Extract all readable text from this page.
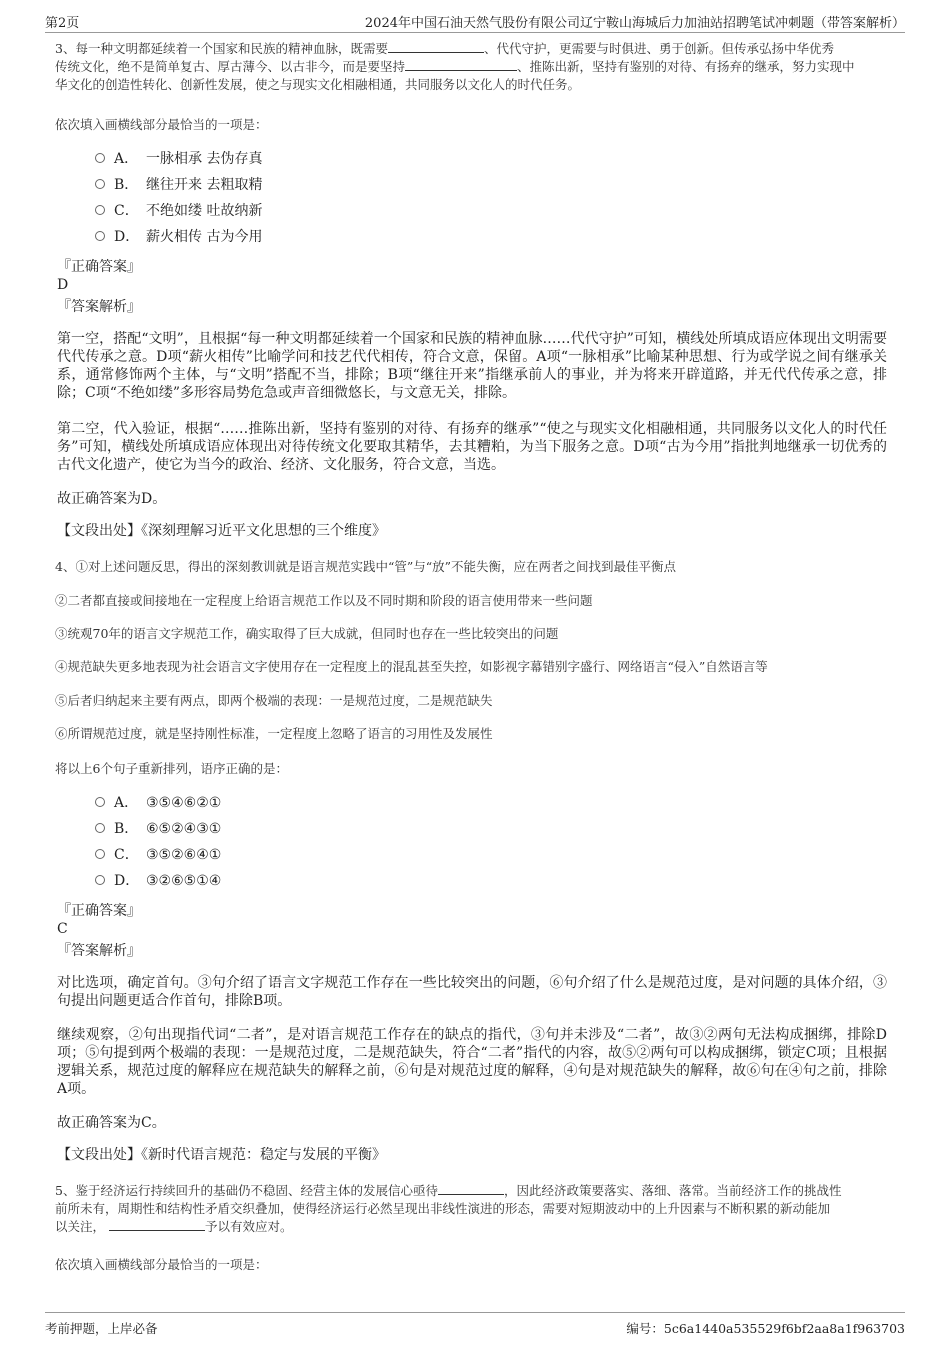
第2页	2024年中国石油天然气股份有限公司辽宁鞍山海城后力加油站招聘笔试冲刺题（带答案解析）
3、每一种文明都延续着一个国家和民族的精神血脉，既需要	、代代守护，更需要与时俱进、勇于创新。但传承弘扬中华优秀
传统文化，绝不是简单复古、厚古薄今、以古非今，而是要坚持	、推陈出新，坚持有鉴别的对待、有扬弃的继承，努力实现中
华文化的创造性转化、创新性发展，使之与现实文化相融相通，共同服务以文化人的时代任务。
依次填入画横线部分最恰当的一项是：
A． 一脉相承 去伪存真
B． 继往开来 去粗取精
C． 不绝如缕 吐故纳新
D． 薪火相传 古为今用
『正确答案』
D
『答案解析』
第一空，搭配“文明”，且根据“每一种文明都延续着一个国家和民族的精神血脉……代代守护”可知，横线处所填成语应体现出文明需要代代传承之意。D项“薪火相传”比喻学问和技艺代代相传，符合文意，保留。A项“一脉相承”比喻某种思想、行为或学说之间有继承关系，通常修饰两个主体，与“文明”搭配不当，排除；B项“继往开来”指继承前人的事业，并为将来开辟道路，并无代代传承之意，排除；C项“不绝如缕”多形容局势危急或声音细微悠长，与文意无关，排除。
第二空，代入验证，根据“……推陈出新，坚持有鉴别的对待、有扬弃的继承”“使之与现实文化相融相通，共同服务以文化人的时代任务”可知，横线处所填成语应体现出对待传统文化要取其精华，去其糟粕，为当下服务之意。D项“古为今用”指批判地继承一切优秀的古代文化遗产，使它为当今的政治、经济、文化服务，符合文意，当选。
故正确答案为D。
【文段出处】《深刻理解习近平文化思想的三个维度》
4、①对上述问题反思，得出的深刻教训就是语言规范实践中“管”与“放”不能失衡，应在两者之间找到最佳平衡点
②二者都直接或间接地在一定程度上给语言规范工作以及不同时期和阶段的语言使用带来一些问题
③统观70年的语言文字规范工作，确实取得了巨大成就，但同时也存在一些比较突出的问题
④规范缺失更多地表现为社会语言文字使用存在一定程度上的混乱甚至失控，如影视字幕错别字盛行、网络语言“侵入”自然语言等
⑤后者归纳起来主要有两点，即两个极端的表现：一是规范过度，二是规范缺失
⑥所谓规范过度，就是坚持刚性标准，一定程度上忽略了语言的习用性及发展性
将以上6个句子重新排列，语序正确的是：
A． ③⑤④⑥②①
B． ⑥⑤②④③①
C． ③⑤②⑥④①
D． ③②⑥⑤①④
『正确答案』
C
『答案解析』
对比选项，确定首句。③句介绍了语言文字规范工作存在一些比较突出的问题，⑥句介绍了什么是规范过度，是对问题的具体介绍，③句提出问题更适合作首句，排除B项。
继续观察，②句出现指代词“二者”，是对语言规范工作存在的缺点的指代，③句并未涉及“二者”，故③②两句无法构成捆绑，排除D项；⑤句提到两个极端的表现：一是规范过度，二是规范缺失，符合“二者”指代的内容，故⑤②两句可以构成捆绑，锁定C项；且根据逻辑关系，规范过度的解释应在规范缺失的解释之前，⑥句是对规范过度的解释，④句是对规范缺失的解释，故⑥句在④句之前，排除A项。
故正确答案为C。
【文段出处】《新时代语言规范：稳定与发展的平衡》
5、鉴于经济运行持续回升的基础仍不稳固、经营主体的发展信心亟待	，因此经济政策要落实、落细、落常。当前经济工作的挑战性
前所未有，周期性和结构性矛盾交织叠加，使得经济运行必然呈现出非线性演进的形态，需要对短期波动中的上升因素与不断积累的新动能加
以关注，	予以有效应对。
依次填入画横线部分最恰当的一项是：
考前押题，上岸必备	编号：5c6a1440a535529f6bf2aa8a1f963703
